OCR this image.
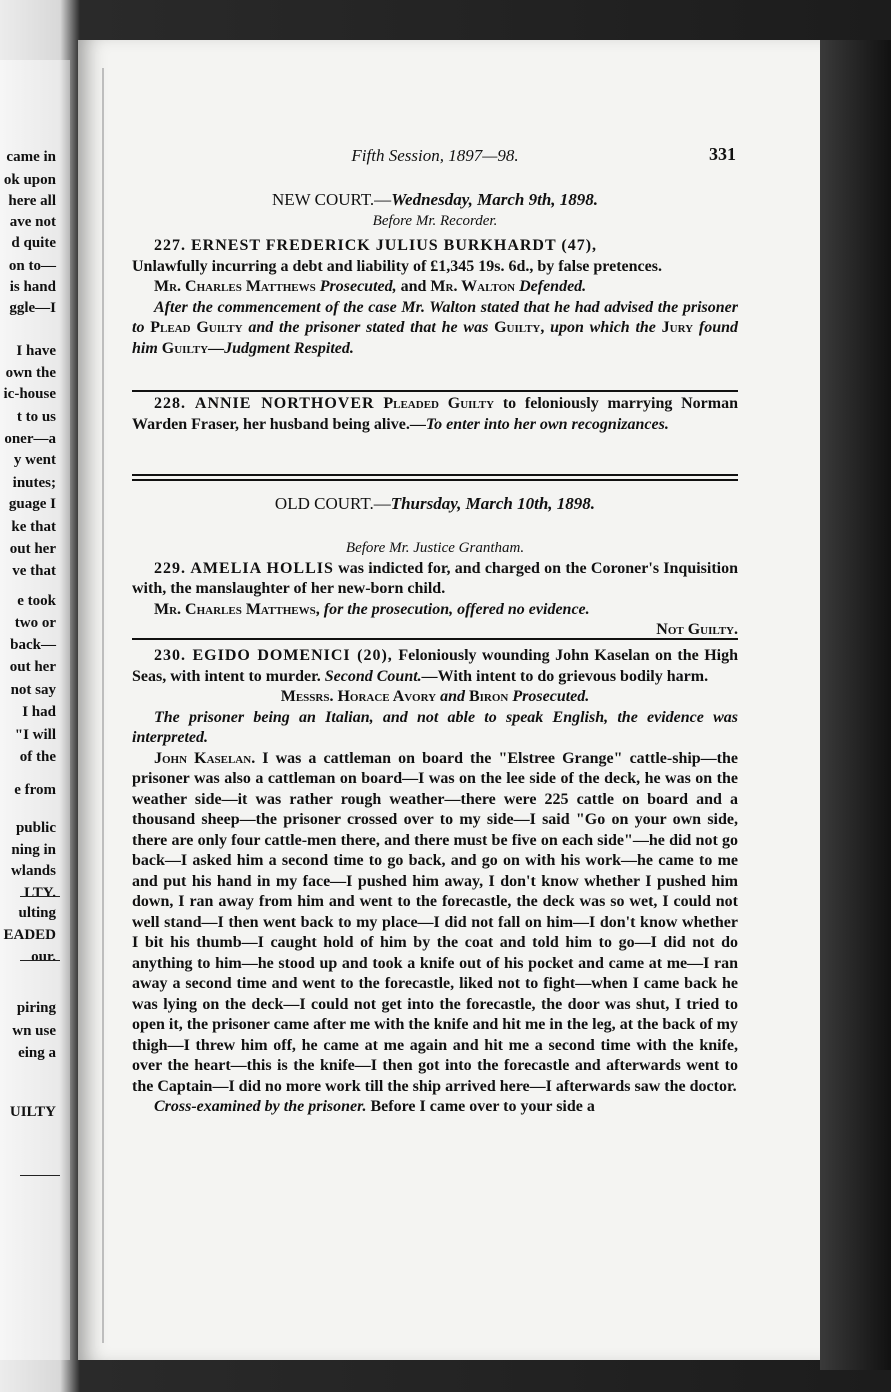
came in
ok upon
here all
ave not
d quite
on to—
is hand
ggle—I
I have
own the
ic-house
t to us
oner—a
y went
inutes;
guage I
ke that
out her
ve that
e took
two or
back—
out her
not say
I had
"I will
of the
e from
public
ning in
wlands
LTY.
ulting
EADED
our.
piring
wn use
eing a
UILTY
Fifth Session, 1897—98.	331

NEW COURT.—Wednesday, March 9th, 1898.

Before Mr. Recorder.

227. ERNEST FREDERICK JULIUS BURKHARDT (47),

Unlawfully incurring a debt and liability of £1,345 19s. 6d., by false pretences.

Mr. Charles Matthews Prosecuted, and Mr. Walton Defended.

After the commencement of the case Mr. Walton stated that he had advised the prisoner to Plead Guilty and the prisoner stated that he was Guilty, upon which the Jury found him Guilty—Judgment Respited.

228. ANNIE NORTHOVER Pleaded Guilty to feloniously marrying Norman Warden Fraser, her husband being alive.—To enter into her own recognizances.

OLD COURT.—Thursday, March 10th, 1898.

Before Mr. Justice Grantham.

229. AMELIA HOLLIS was indicted for, and charged on the Coroner's Inquisition with, the manslaughter of her new-born child.

Mr. Charles Matthews, for the prosecution, offered no evidence.

Not Guilty.

230. EGIDO DOMENICI (20), Feloniously wounding John Kaselan on the High Seas, with intent to murder. Second Count.—With intent to do grievous bodily harm.

Messrs. Horace Avory and Biron Prosecuted.

The prisoner being an Italian, and not able to speak English, the evidence was interpreted.

John Kaselan. I was a cattleman on board the "Elstree Grange" cattle-ship—the prisoner was also a cattleman on board—I was on the lee side of the deck, he was on the weather side—it was rather rough weather—there were 225 cattle on board and a thousand sheep—the prisoner crossed over to my side—I said "Go on your own side, there are only four cattle-men there, and there must be five on each side"—he did not go back—I asked him a second time to go back, and go on with his work—he came to me and put his hand in my face—I pushed him away, I don't know whether I pushed him down, I ran away from him and went to the forecastle, the deck was so wet, I could not well stand—I then went back to my place—I did not fall on him—I don't know whether I bit his thumb—I caught hold of him by the coat and told him to go—I did not do anything to him—he stood up and took a knife out of his pocket and came at me—I ran away a second time and went to the forecastle, liked not to fight—when I came back he was lying on the deck—I could not get into the forecastle, the door was shut, I tried to open it, the prisoner came after me with the knife and hit me in the leg, at the back of my thigh—I threw him off, he came at me again and hit me a second time with the knife, over the heart—this is the knife—I then got into the forecastle and afterwards went to the Captain—I did no more work till the ship arrived here—I afterwards saw the doctor.

Cross-examined by the prisoner. Before I came over to your side a
